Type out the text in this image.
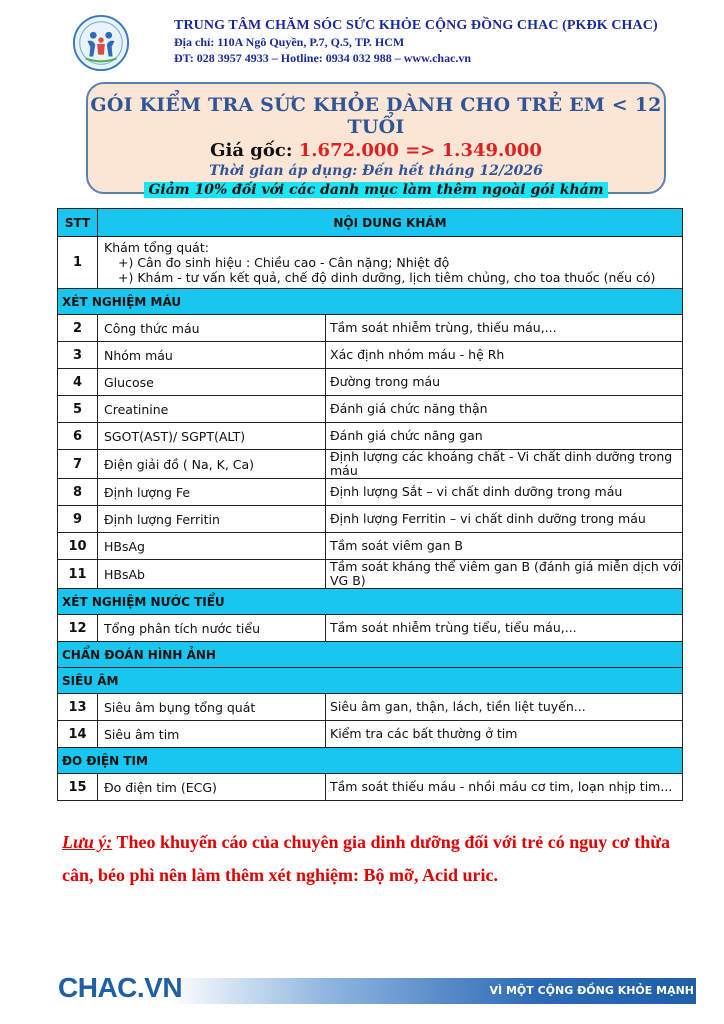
TRUNG TÂM CHĂM SÓC SỨC KHỎE CỘNG ĐỒNG CHAC (PKĐK CHAC)
Địa chỉ: 110A Ngô Quyền, P.7, Q.5, TP. HCM
ĐT: 028 3957 4933 – Hotline: 0934 032 988 – www.chac.vn
GÓI KIỂM TRA SỨC KHỎE DÀNH CHO TRẺ EM < 12 TUỔI
Giá gốc: 1.672.000 => 1.349.000
Thời gian áp dụng: Đến hết tháng 12/2026
Giảm 10% đối với các danh mục làm thêm ngoài gói khám
STT	NỘI DUNG KHÁM	
1	Khám tổng quát:
+) Cân đo sinh hiệu : Chiều cao - Cân nặng; Nhiệt độ
+) Khám - tư vấn kết quả, chế độ dinh dưỡng, lịch tiêm chủng, cho toa thuốc (nếu có)	

XÉT NGHIỆM MÁU		
2	Công thức máu	Tầm soát nhiễm trùng, thiếu máu,...
3	Nhóm máu	Xác định nhóm máu - hệ Rh
4	Glucose	Đường trong máu
5	Creatinine	Đánh giá chức năng thận
6	SGOT(AST)/ SGPT(ALT)	Đánh giá chức năng gan
7	Điện giải đồ ( Na, K, Ca)	Định lượng các khoáng chất - Vi chất dinh dưỡng trong máu
8	Định lượng Fe	Định lượng Sắt – vi chất dinh dưỡng trong máu
9	Định lượng Ferritin	Định lượng Ferritin – vi chất dinh dưỡng trong máu
10	HBsAg	Tầm soát viêm gan B
11	HBsAb	Tầm soát kháng thể viêm gan B (đánh giá miễn dịch với VG B)
XÉT NGHIỆM NƯỚC TIỂU		
12	Tổng phân tích nước tiểu	Tầm soát nhiễm trùng tiểu, tiểu máu,...
CHẨN ĐOÁN HÌNH ẢNH		
SIÊU ÂM		
13	Siêu âm bụng tổng quát	Siêu âm gan, thận, lách, tiền liệt tuyến...
14	Siêu âm tim	Kiểm tra các bất thường ở tim
ĐO ĐIỆN TIM		
15	Đo điện tim (ECG)	Tầm soát thiếu máu - nhồi máu cơ tim, loạn nhịp tim...
Lưu ý: Theo khuyến cáo của chuyên gia dinh dưỡng đối với trẻ có nguy cơ thừa cân, béo phì nên làm thêm xét nghiệm: Bộ mỡ, Acid uric.
CHAC.VN	VÌ MỘT CỘNG ĐỒNG KHỎE MẠNH
